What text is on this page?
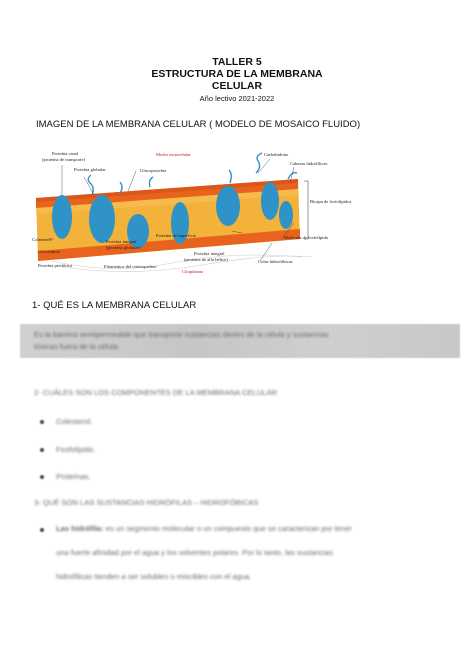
TALLER 5
ESTRUCTURA DE LA MEMBRANA
CELULAR
Año lectivo 2021-2022
IMAGEN DE LA MEMBRANA CELULAR ( MODELO DE MOSAICO FLUIDO)
Proteína canal
(proteína de transporte)
Proteína globular
Medio extracelular
Glucoproteína
Carbohidrato
Cabezas hidrofílicas
Bicapa de fosfolípidos
Colesterol
Glucolípido
Proteína integral
(proteína globular)
Proteína de superficie	Molécula de fosfolípido
Proteína periférica	Filamentos del citoesqueleto
Proteína integral
(proteína de alfa hélice)	Colas hidrofóbicas
Citoplasma
1- QUÉ ES LA MEMBRANA CELULAR
Es la barrera semipermeable que transporte sustancias dentro de la célula y sustancias
tóxicas fuera de la célula.
2- CUÁLES SON LOS COMPONENTES DE LA MEMBRANA CELULAR
Colesterol.
Fosfolípido.
Proteínas.
3- QUÉ SON LAS SUSTANCIAS HIDRÓFILAS – HIDROFÓBICAS
Las hidrófila: es un segmento molecular o un compuesto que se caracterizan por tener
una fuerte afinidad por el agua y los solventes polares. Por lo tanto, las sustancias
hidrofílicas tienden a ser solubles o miscibles con el agua.
